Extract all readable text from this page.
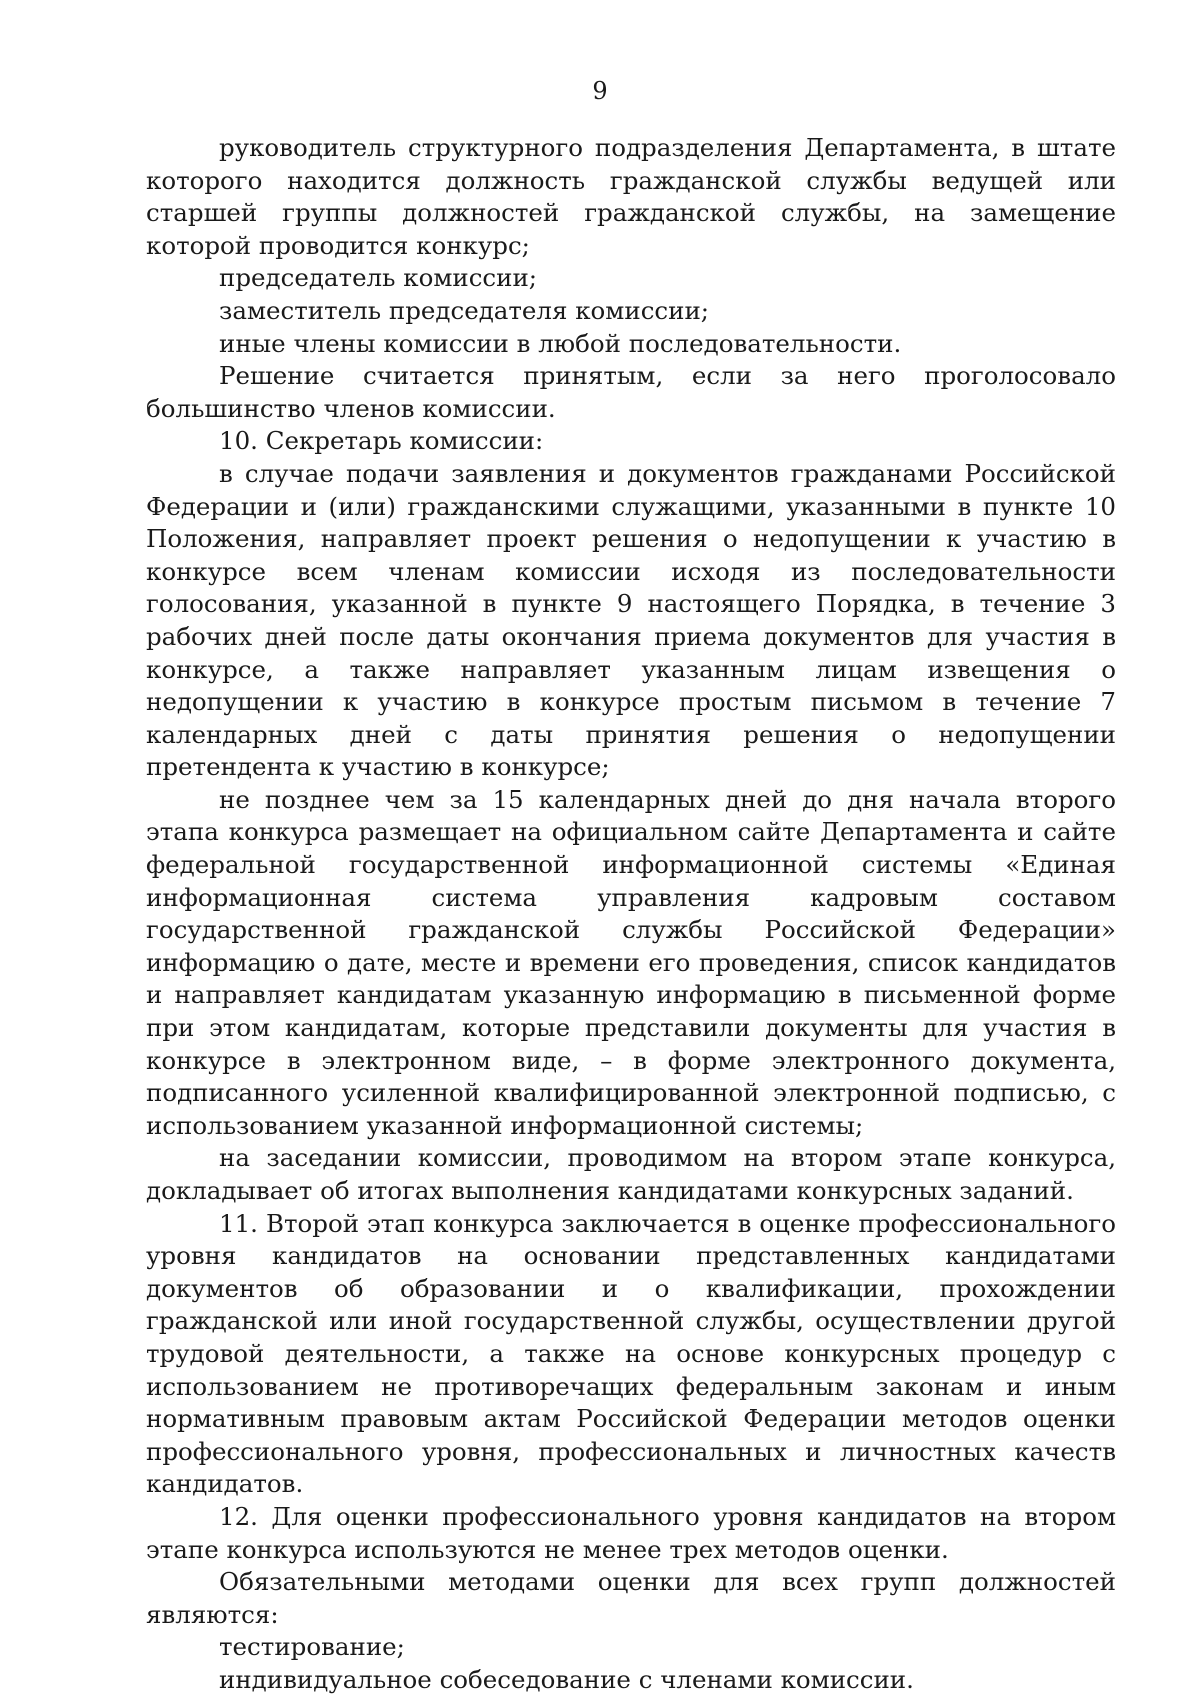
9

руководитель структурного подразделения Департамента, в штате которого находится должность гражданской службы ведущей или старшей группы должностей гражданской службы, на замещение которой проводится конкурс;

председатель комиссии;

заместитель председателя комиссии;

иные члены комиссии в любой последовательности.

Решение считается принятым, если за него проголосовало большинство членов комиссии.

10. Секретарь комиссии:

в случае подачи заявления и документов гражданами Российской Федерации и (или) гражданскими служащими, указанными в пункте 10 Положения, направляет проект решения о недопущении к участию в конкурсе всем членам комиссии исходя из последовательности голосования, указанной в пункте 9 настоящего Порядка, в течение 3 рабочих дней после даты окончания приема документов для участия в конкурсе, а также направляет указанным лицам извещения о недопущении к участию в конкурсе простым письмом в течение 7 календарных дней с даты принятия решения о недопущении претендента к участию в конкурсе;

не позднее чем за 15 календарных дней до дня начала второго этапа конкурса размещает на официальном сайте Департамента и сайте федеральной государственной информационной системы «Единая информационная система управления кадровым составом государственной гражданской службы Российской Федерации» информацию о дате, месте и времени его проведения, список кандидатов и направляет кандидатам указанную информацию в письменной форме при этом кандидатам, которые представили документы для участия в конкурсе в электронном виде, – в форме электронного документа, подписанного усиленной квалифицированной электронной подписью, с использованием указанной информационной системы;

на заседании комиссии, проводимом на втором этапе конкурса, докладывает об итогах выполнения кандидатами конкурсных заданий.

11. Второй этап конкурса заключается в оценке профессионального уровня кандидатов на основании представленных кандидатами документов об образовании и о квалификации, прохождении гражданской или иной государственной службы, осуществлении другой трудовой деятельности, а также на основе конкурсных процедур с использованием не противоречащих федеральным законам и иным нормативным правовым актам Российской Федерации методов оценки профессионального уровня, профессиональных и личностных качеств кандидатов.

12. Для оценки профессионального уровня кандидатов на втором этапе конкурса используются не менее трех методов оценки.

Обязательными методами оценки для всех групп должностей являются:

тестирование;

индивидуальное собеседование с членами комиссии.
